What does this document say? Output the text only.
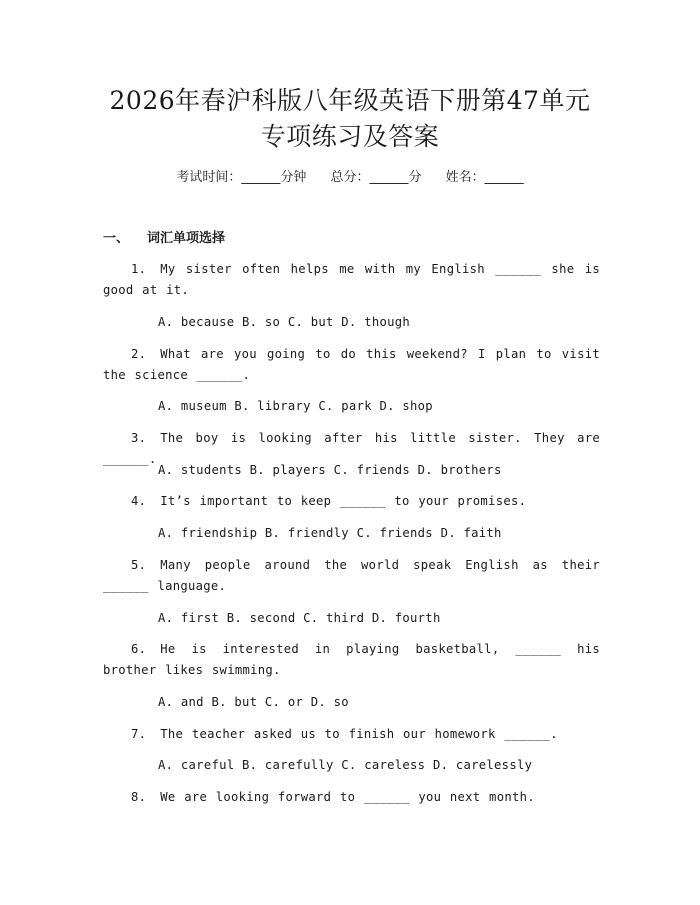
2026年春沪科版八年级英语下册第47单元
专项练习及答案
考试时间：______分钟 总分：______分 姓名：______
一、 词汇单项选择
1. My sister often helps me with my English ______ she is good at it.
A. because B. so C. but D. though
2. What are you going to do this weekend? I plan to visit the science ______.
A. museum B. library C. park D. shop
3. The boy is looking after his little sister. They are ______.
A. students B. players C. friends D. brothers
4. It’s important to keep ______ to your promises.
A. friendship B. friendly C. friends D. faith
5. Many people around the world speak English as their ______ language.
A. first B. second C. third D. fourth
6. He is interested in playing basketball, ______ his brother likes swimming.
A. and B. but C. or D. so
7. The teacher asked us to finish our homework ______.
A. careful B. carefully C. careless D. carelessly
8. We are looking forward to ______ you next month.
